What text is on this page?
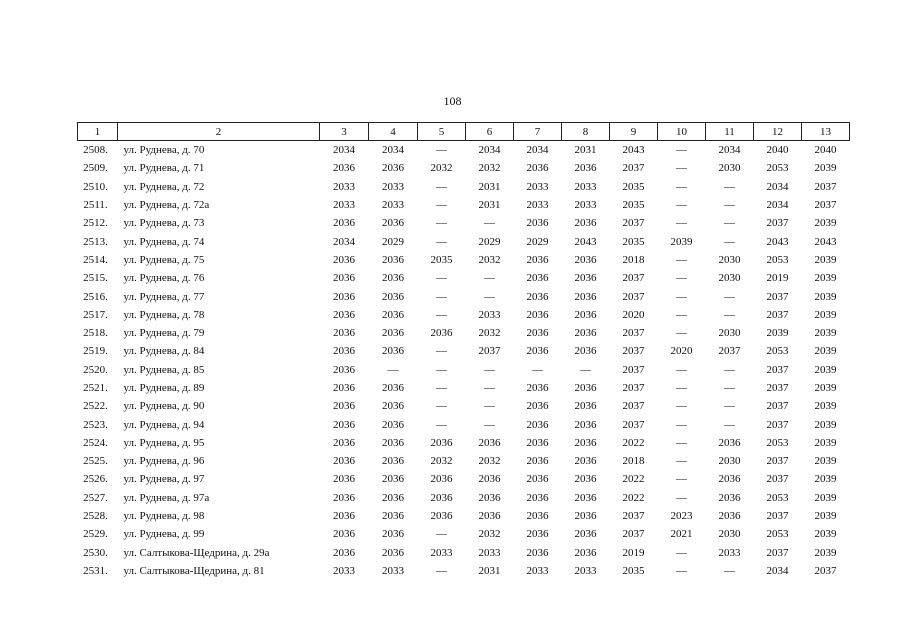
108
1	2	3	4	5	6	7	8	9	10	11	12	13
2508.	ул. Руднева, д. 70	2034	2034	—	2034	2034	2031	2043	—	2034	2040	2040
2509.	ул. Руднева, д. 71	2036	2036	2032	2032	2036	2036	2037	—	2030	2053	2039
2510.	ул. Руднева, д. 72	2033	2033	—	2031	2033	2033	2035	—	—	2034	2037
2511.	ул. Руднева, д. 72а	2033	2033	—	2031	2033	2033	2035	—	—	2034	2037
2512.	ул. Руднева, д. 73	2036	2036	—	—	2036	2036	2037	—	—	2037	2039
2513.	ул. Руднева, д. 74	2034	2029	—	2029	2029	2043	2035	2039	—	2043	2043
2514.	ул. Руднева, д. 75	2036	2036	2035	2032	2036	2036	2018	—	2030	2053	2039
2515.	ул. Руднева, д. 76	2036	2036	—	—	2036	2036	2037	—	2030	2019	2039
2516.	ул. Руднева, д. 77	2036	2036	—	—	2036	2036	2037	—	—	2037	2039
2517.	ул. Руднева, д. 78	2036	2036	—	2033	2036	2036	2020	—	—	2037	2039
2518.	ул. Руднева, д. 79	2036	2036	2036	2032	2036	2036	2037	—	2030	2039	2039
2519.	ул. Руднева, д. 84	2036	2036	—	2037	2036	2036	2037	2020	2037	2053	2039
2520.	ул. Руднева, д. 85	2036	—	—	—	—	—	2037	—	—	2037	2039
2521.	ул. Руднева, д. 89	2036	2036	—	—	2036	2036	2037	—	—	2037	2039
2522.	ул. Руднева, д. 90	2036	2036	—	—	2036	2036	2037	—	—	2037	2039
2523.	ул. Руднева, д. 94	2036	2036	—	—	2036	2036	2037	—	—	2037	2039
2524.	ул. Руднева, д. 95	2036	2036	2036	2036	2036	2036	2022	—	2036	2053	2039
2525.	ул. Руднева, д. 96	2036	2036	2032	2032	2036	2036	2018	—	2030	2037	2039
2526.	ул. Руднева, д. 97	2036	2036	2036	2036	2036	2036	2022	—	2036	2037	2039
2527.	ул. Руднева, д. 97а	2036	2036	2036	2036	2036	2036	2022	—	2036	2053	2039
2528.	ул. Руднева, д. 98	2036	2036	2036	2036	2036	2036	2037	2023	2036	2037	2039
2529.	ул. Руднева, д. 99	2036	2036	—	2032	2036	2036	2037	2021	2030	2053	2039
2530.	ул. Салтыкова-Щедрина, д. 29а	2036	2036	2033	2033	2036	2036	2019	—	2033	2037	2039
2531.	ул. Салтыкова-Щедрина, д. 81	2033	2033	—	2031	2033	2033	2035	—	—	2034	2037
